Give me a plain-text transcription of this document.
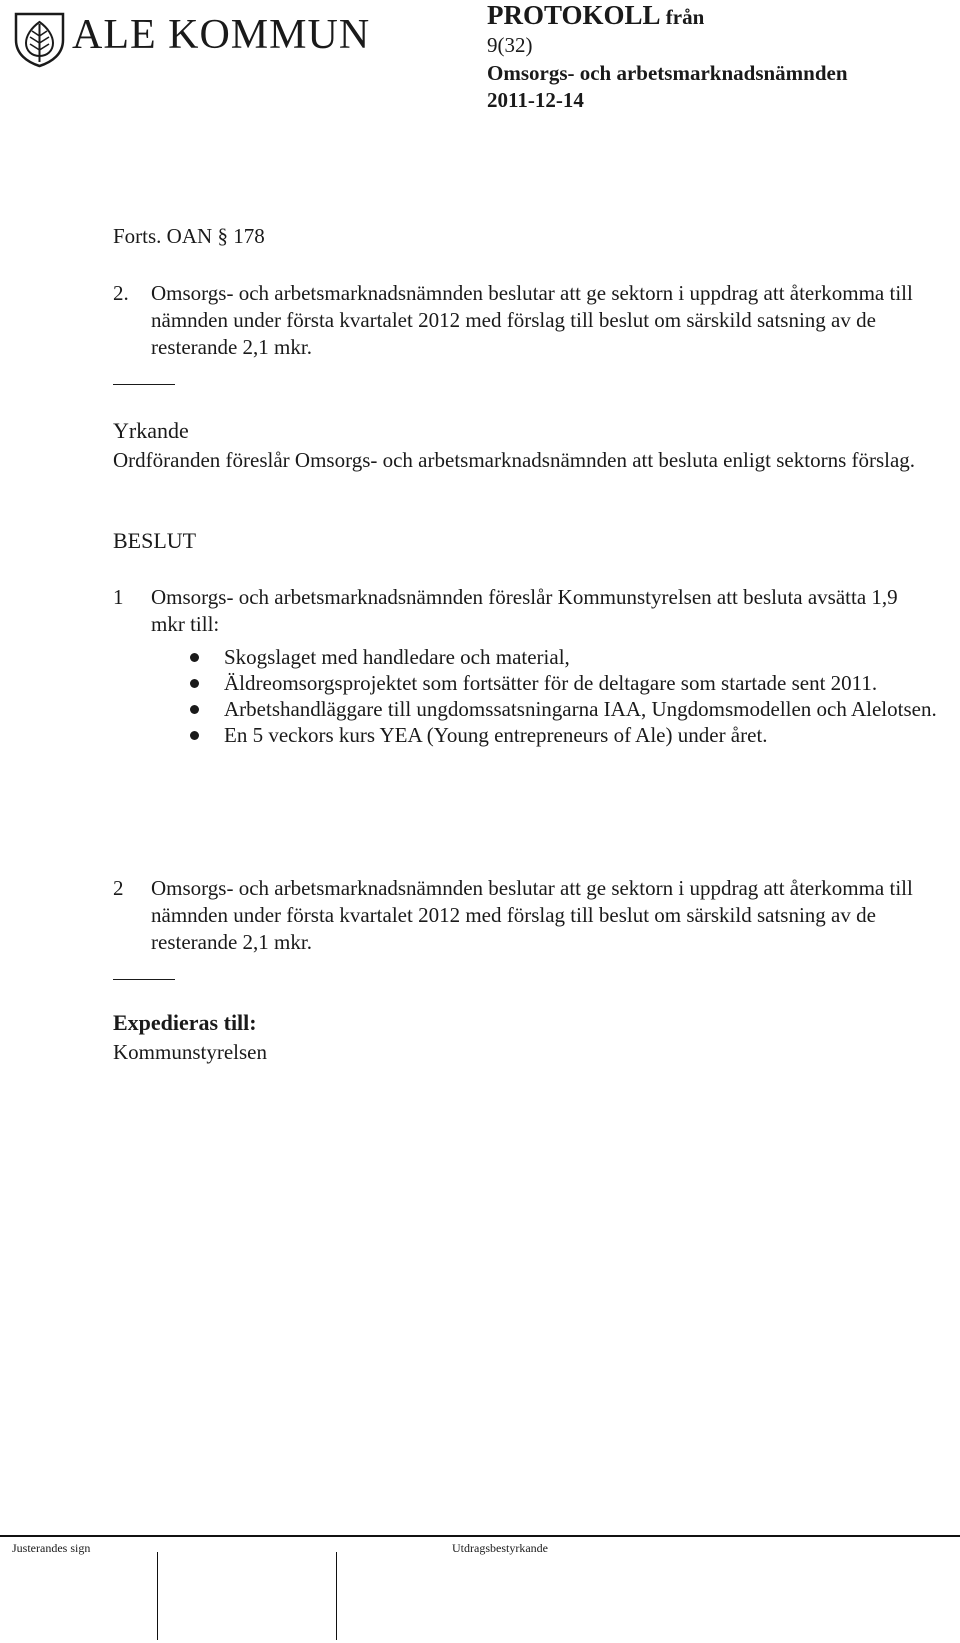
ALE KOMMUN	PROTOKOLL från
9(32)
Omsorgs- och arbetsmarknadsnämnden
2011-12-14
Forts. OAN § 178
2. Omsorgs- och arbetsmarknadsnämnden beslutar att ge sektorn i uppdrag att återkomma till nämnden under första kvartalet 2012 med förslag till beslut om särskild satsning av de resterande 2,1 mkr.
Yrkande
Ordföranden föreslår Omsorgs- och arbetsmarknadsnämnden att besluta enligt sektorns förslag.
BESLUT
1 Omsorgs- och arbetsmarknadsnämnden föreslår Kommunstyrelsen att besluta avsätta 1,9 mkr till:
Skogslaget med handledare och material,
Äldreomsorgsprojektet som fortsätter för de deltagare som startade sent 2011.
Arbetshandläggare till ungdomssatsningarna IAA, Ungdomsmodellen och Alelotsen.
En 5 veckors kurs YEA (Young entrepreneurs of Ale) under året.
2 Omsorgs- och arbetsmarknadsnämnden beslutar att ge sektorn i uppdrag att återkomma till nämnden under första kvartalet 2012 med förslag till beslut om särskild satsning av de resterande 2,1 mkr.
Expedieras till:
Kommunstyrelsen
Justerandes sign	Utdragsbestyrkande
